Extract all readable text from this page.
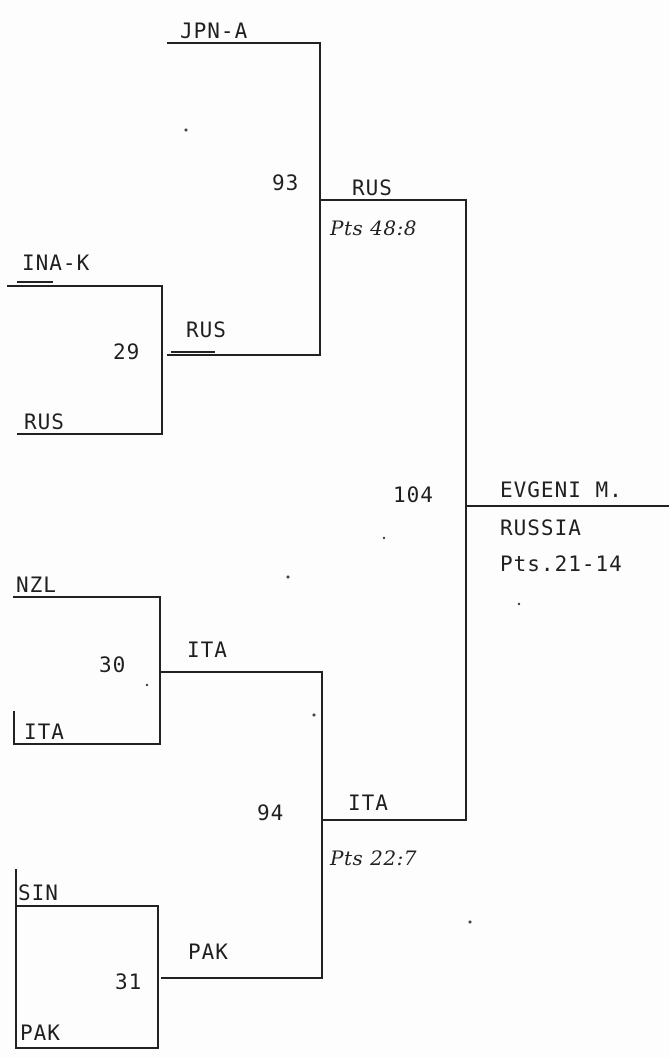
JPN-A
INA-K
RUS
NZL
ITA
SIN
PAK
29
30
31
93
94
104
RUS
ITA
PAK
RUS
ITA
Pts 48:8
Pts 22:7
EVGENI M.
RUSSIA
Pts.21-14
